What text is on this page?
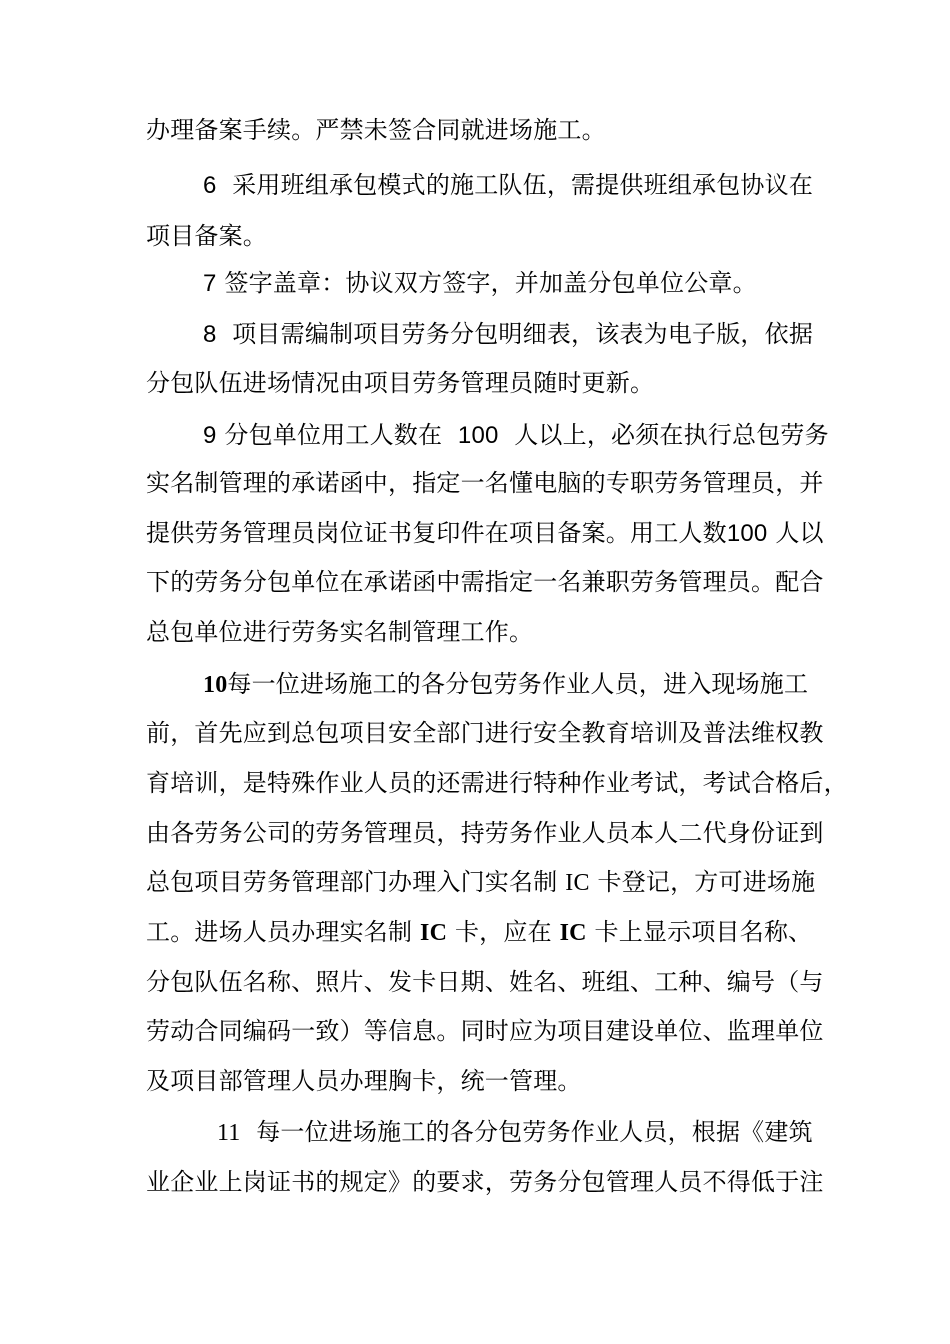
办理备案手续。严禁未签合同就进场施工。
6 采用班组承包模式的施工队伍，需提供班组承包协议在
项目备案。
7 签字盖章：协议双方签字，并加盖分包单位公章。
8 项目需编制项目劳务分包明细表，该表为电子版，依据
分包队伍进场情况由项目劳务管理员随时更新。
9 分包单位用工人数在 100 人以上，必须在执行总包劳务
实名制管理的承诺函中，指定一名懂电脑的专职劳务管理员，并
提供劳务管理员岗位证书复印件在项目备案。用工人数100 人以
下的劳务分包单位在承诺函中需指定一名兼职劳务管理员。配合
总包单位进行劳务实名制管理工作。
10每一位进场施工的各分包劳务作业人员，进入现场施工
前，首先应到总包项目安全部门进行安全教育培训及普法维权教
育培训，是特殊作业人员的还需进行特种作业考试，考试合格后，
由各劳务公司的劳务管理员，持劳务作业人员本人二代身份证到
总包项目劳务管理部门办理入门实名制 IC 卡登记，方可进场施
工。进场人员办理实名制 IC 卡，应在 IC 卡上显示项目名称、
分包队伍名称、照片、发卡日期、姓名、班组、工种、编号（与
劳动合同编码一致）等信息。同时应为项目建设单位、监理单位
及项目部管理人员办理胸卡，统一管理。
11 每一位进场施工的各分包劳务作业人员，根据《建筑
业企业上岗证书的规定》的要求，劳务分包管理人员不得低于注
